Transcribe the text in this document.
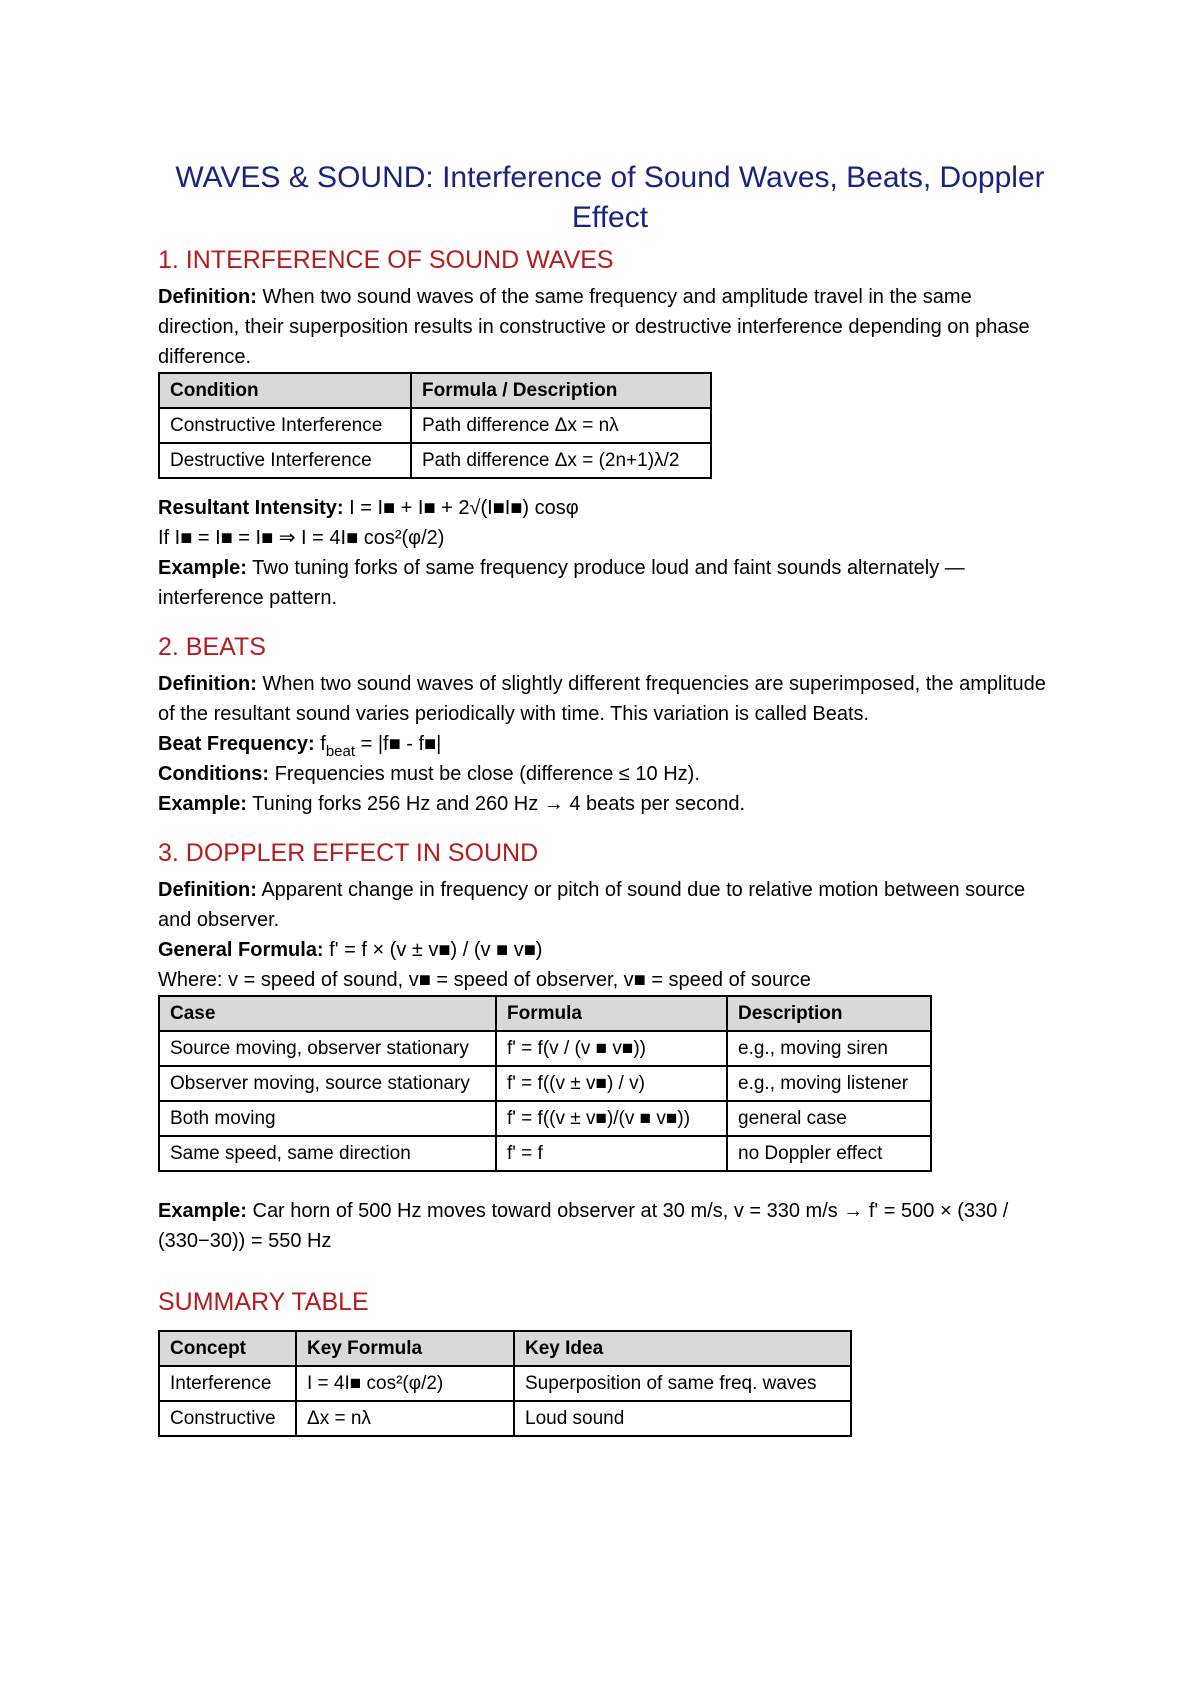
WAVES & SOUND: Interference of Sound Waves, Beats, Doppler Effect
1. INTERFERENCE OF SOUND WAVES

Definition: When two sound waves of the same frequency and amplitude travel in the same direction, their superposition results in constructive or destructive interference depending on phase difference.

Condition	Formula / Description
Constructive Interference	Path difference Δx = nλ
Destructive Interference	Path difference Δx = (2n+1)λ/2

Resultant Intensity: I = I■ + I■ + 2√(I■I■) cosφ

If I■ = I■ = I■ ⇒ I = 4I■ cos²(φ/2)

Example: Two tuning forks of same frequency produce loud and faint sounds alternately — interference pattern.

2. BEATS

Definition: When two sound waves of slightly different frequencies are superimposed, the amplitude of the resultant sound varies periodically with time. This variation is called Beats.

Beat Frequency: $f_{beat}$ = |f■ - f■|

Conditions: Frequencies must be close (difference ≤ 10 Hz).

Example: Tuning forks 256 Hz and 260 Hz → 4 beats per second.

3. DOPPLER EFFECT IN SOUND

Definition: Apparent change in frequency or pitch of sound due to relative motion between source and observer.

General Formula: f' = f × (v ± v■) / (v ■ v■)

Where: v = speed of sound, v■ = speed of observer, v■ = speed of source

Case	Formula	Description
Source moving, observer stationary	f' = f(v / (v ■ v■))	e.g., moving siren
Observer moving, source stationary	f' = f((v ± v■) / v)	e.g., moving listener
Both moving	f' = f((v ± v■)/(v ■ v■))	general case
Same speed, same direction	f' = f	no Doppler effect

Example: Car horn of 500 Hz moves toward observer at 30 m/s, v = 330 m/s → f' = 500 × (330 / (330−30)) = 550 Hz

SUMMARY TABLE
Concept	Key Formula	Key Idea
Interference	I = 4I■ cos²(φ/2)	Superposition of same freq. waves
Constructive	Δx = nλ	Loud sound
